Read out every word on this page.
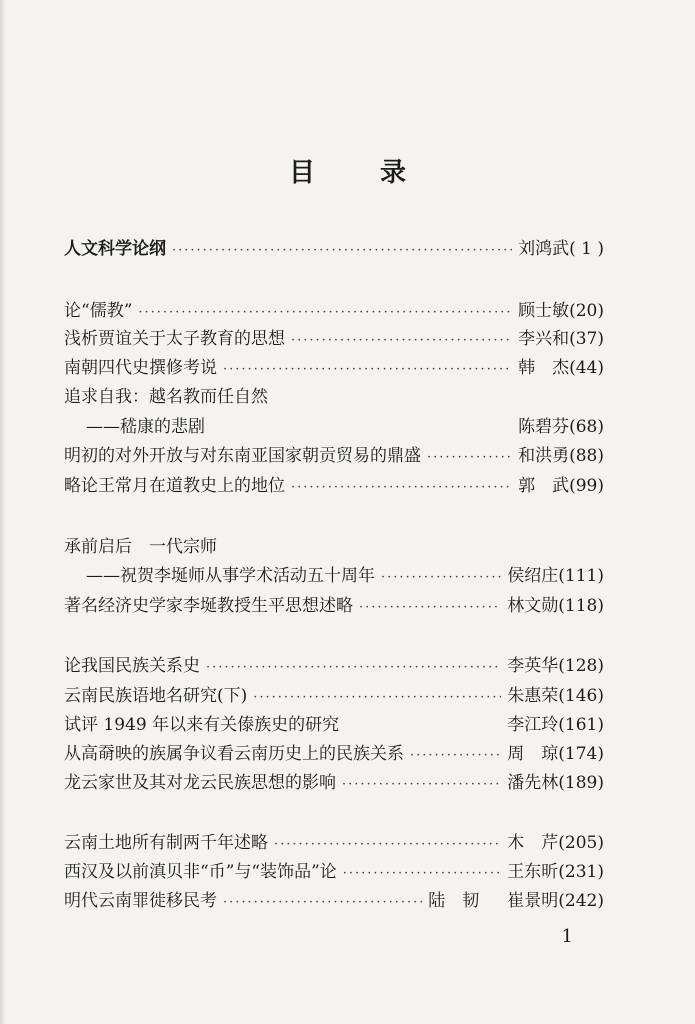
目 录
人文科学论纲 ·····	刘鸿武 ( 1 )
论“儒教” ·····	顾士敏 (20)
浅析贾谊关于太子教育的思想 ·····	李兴和 (37)
南朝四代史撰修考说 ·····	韩　杰 (44)
追求自我：越名教而任自然
——嵇康的悲剧	陈碧芬 (68)
明初的对外开放与对东南亚国家朝贡贸易的鼎盛 ·····	和洪勇 (88)
略论王常月在道教史上的地位 ·····	郭　武 (99)
承前启后　一代宗师
——祝贺李埏师从事学术活动五十周年 ·····	侯绍庄 (111)
著名经济史学家李埏教授生平思想述略 ·····	林文勋 (118)
论我国民族关系史 ·····	李英华 (128)
云南民族语地名研究(下) ·····	朱惠荣 (146)
试评 1949 年以来有关傣族史的研究	李江玲 (161)
从高奣映的族属争议看云南历史上的民族关系 ·····	周　琼 (174)
龙云家世及其对龙云民族思想的影响 ·····	潘先林 (189)
云南土地所有制两千年述略 ·····	木　芹 (205)
西汉及以前滇贝非“币”与“装饰品”论 ·····	王东昕 (231)
明代云南罪徙移民考 ·····	陆　韧 崔景明 (242)
1
